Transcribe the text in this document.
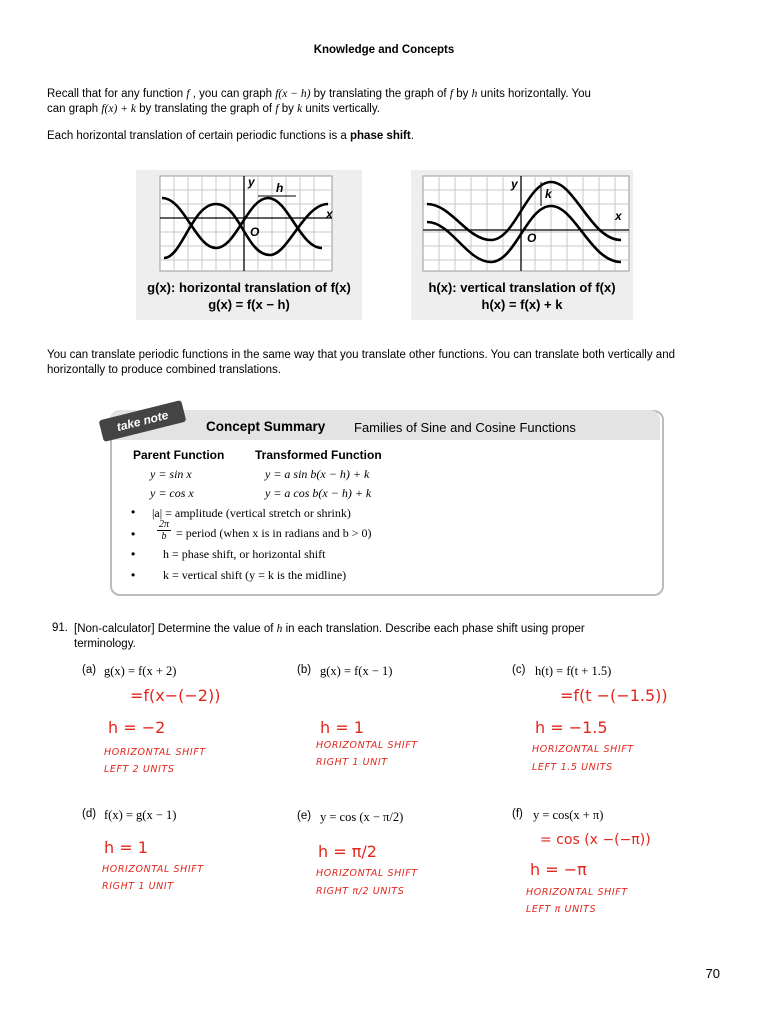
Knowledge and Concepts
Recall that for any function f , you can graph f(x − h) by translating the graph of f by h units horizontally. You
can graph f(x) + k by translating the graph of f by k units vertically.
Each horizontal translation of certain periodic functions is a phase shift.
y
x
O
h
g(x): horizontal translation of f(x)
g(x) = f(x − h)
y
x
O
k
h(x): vertical translation of f(x)
h(x) = f(x) + k
You can translate periodic functions in the same way that you translate other functions. You can translate both vertically and horizontally to produce combined translations.
take note	Concept Summary Families of Sine and Cosine Functions
Parent Function	Transformed Function
y = sin x
y = cos x
y = a sin b(x − h) + k
y = a cos b(x − h) + k
• |a| = amplitude (vertical stretch or shrink)
•
2π
b = period (when x is in radians and b > 0)
• h = phase shift, or horizontal shift
• k = vertical shift (y = k is the midline)
91. [Non-calculator] Determine the value of h in each translation. Describe each phase shift using proper
terminology.
(a) g(x) = f(x + 2)
=f(x−(−2))
h = −2
HORIZONTAL SHIFT
LEFT 2 UNITS
(b) g(x) = f(x − 1)
h = 1
HORIZONTAL SHIFT
RIGHT 1 UNIT
(c) h(t) = f(t + 1.5)
=f(t −(−1.5))
h = −1.5
HORIZONTAL SHIFT
LEFT 1.5 UNITS
(d) f(x) = g(x − 1)
h = 1
HORIZONTAL SHIFT
RIGHT 1 UNIT
(e) y = cos (x − π/2)
h = π/2
HORIZONTAL SHIFT
RIGHT π/2 UNITS
(f) y = cos(x + π)
= cos (x −(−π))
h = −π
HORIZONTAL SHIFT
LEFT π UNITS
70
